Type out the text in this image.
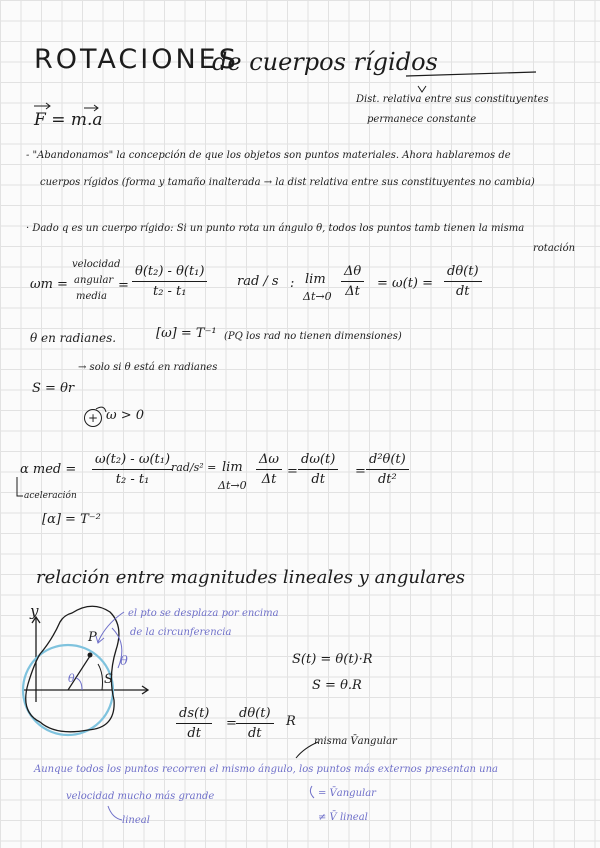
ROTACIONES
de cuerpos rígidos
F = m.a
Dist. relativa entre sus constituyentes
permanece constante
- "Abandonamos" la concepción de que los objetos son puntos materiales. Ahora hablaremos de
cuerpos rígidos (forma y tamaño inalterada → la dist relativa entre sus constituyentes no cambia)
· Dado q es un cuerpo rígido: Si un punto rota un ángulo θ, todos los puntos tamb tienen la misma
rotación
ωm =
velocidad
angular
media
= $\frac{\text{θ(t₂) - θ(t₁)}}{\text{t₂ - t₁}}$ rad / s : lim
$\Delta t\to 0 \frac{\Delta\theta}{\Delta t} = \omega(t) = \frac{d\theta(t)}{dt}$
θ en radianes.	[ω] = T⁻¹ (PQ los rad no tienen dimensiones)
→ solo si θ está en radianes
S = θr
+ ω > 0
α med =
aceleración
$\frac{\text{ω(t₂) - ω(t₁)}}{\text{t₂ - t₁}}$
rad/s² = lim
$\Delta t\to 0 \frac{\Delta\omega}{\Delta t} = \frac{d\omega(t)}{dt} = \frac{\text{d²θ(t)}}{\text{dt²}}$
[α] = T⁻²
relación entre magnitudes lineales y angulares
y
P
S
θ
θ
el pto se desplaza por encima
de la circunferencia
S(t) = θ(t)·R
S = θ.R
$\frac{ds(t)}{dt} = \frac{d\theta(t)}{dt}$ R
misma V̄angular
Aunque todos los puntos recorren el mismo ángulo, los puntos más externos presentan una
velocidad mucho más grande
lineal
= V̄angular
≠ V̄ lineal
